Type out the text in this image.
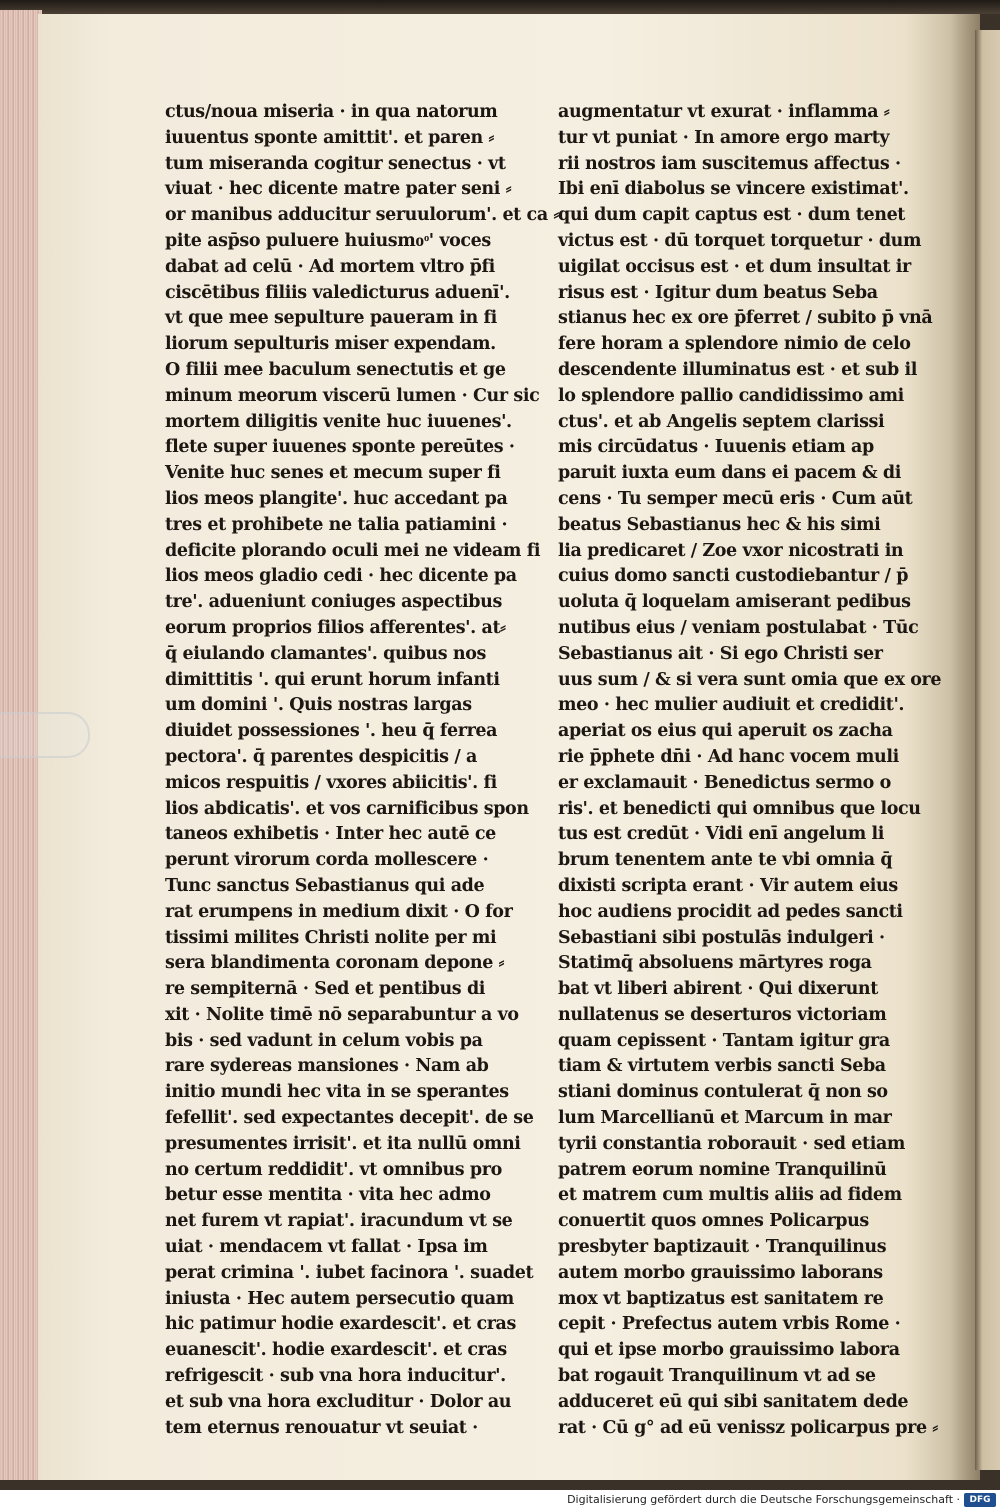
ctus/noua miseria · in qua natorum
iuuentus sponte amittit'. et paren ⸗
tum miseranda cogitur senectus · vt
viuat · hec dicente matre pater seni ⸗
or manibus adducitur seruulorum'. et ca ⸗
pite asp̄so puluere huiusmoͦ' voces
dabat ad celū · Ad mortem vltro p̄fi
ciscētibus filiis valedicturus aduenī'.
vt que mee sepulture paueram in fi
liorum sepulturis mi̇ser expendam.
O filii mee baculum senectutis et ge
minum meorum viscerū lumen · Cur sic
mortem diligitis venite huc iuuenes'.
flete super iuuenes sponte pereūtes ·
Venite huc senes et mecum super fi
lios meos plangite'. huc accedant pa
tres et prohibete ne talia patiamini ·
deficite plorando oculi mei ne videam fi
lios meos gladio cedi · hec dicente pa
tre'. adueniunt coniuges aspectibus
eorum proprios filios afferentes'. at⸗
q̄ eiulando clamantes'. quibus nos
dimittitis '. qui erunt horum infanti
um domini '. Quis nostras largas
diuidet possessiones '. heu q̄ ferrea
pectora'. q̄ parentes despicitis / a
micos respuitis / vxores abiicitis'. fi
lios abdicatis'. et vos carnificibus spon
taneos exhibetis · Inter hec autē ce
perunt virorum corda mollescere ·
Tunc sanctus Sebastianus qui ade
rat erumpens in medium dixit · O for
tissimi milites Christi nolite per mi
sera blandimenta coronam depone ⸗
re sempiternā · Sed et pentibus di
xit · Nolite timē nō separabuntur a vo
bis · sed vadunt in celum vobis pa
rare sydereas mansiones · Nam ab
initio mundi hec vita in se sperantes
fefellit'. sed expectantes decepit'. de se
presumentes irrisit'. et ita nullū omni
no certum reddidit'. vt omnibus pro
betur esse mentita · vita hec admo
net furem vt rapiat'. iracundum vt se
uiat · mendacem vt fallat · Ipsa im
perat crimina '. iubet facinora '. suadet
iniusta · Hec autem persecutio quam
hic patimur hodie exardescit'. et cras
euanescit'. hodie exardescit'. et cras
refrigescit · sub vna hora inducitur'.
et sub vna hora excluditur · Dolor au
tem eternus renouatur vt seuiat ·
augmentatur vt exurat · inflamma ⸗
tur vt puniat · In amore ergo marty
rii nostros iam suscitemus affectus ·
Ibi enī diabolus se vincere existimat'.
qui dum capit captus est · dum tenet
victus est · dū torquet torquetur · dum
uigilat occisus est · et dum insultat ir
risus est · Igitur dum beatus Seba
stianus hec ex ore p̄ferret / subito p̄ vnā
fere horam a splendore nimio de celo
descendente illuminatus est · et sub il
lo splendore pallio candidissimo ami
ctus'. et ab Angelis septem clarissi
mis circūdatus · Iuuenis etiam ap
paruit iuxta eum dans ei pacem & di
cens · Tu semper mecū eris · Cum aūt
beatus Sebastianus hec & his simi
lia predicaret / Zoe vxor nicostrati in
cuius domo sancti custodiebantur / p̄
uoluta q̄ loquelam amiserant pedibus
nutibus eius / veniam postulabat · Tūc
Sebastianus ait · Si ego Christi ser
uus sum / & si vera sunt omia que ex ore
meo · hec mulier audiuit et credidit'.
aperiat os eius qui aperuit os zacha
rie p̄phete dn̄i · Ad hanc vocem muli
er exclamauit · Benedictus sermo o
ris'. et benedicti qui omnibus que locu
tus est credūt · Vidi enī angelum li
brum tenentem ante te vbi omnia q̄
dixisti scripta erant · Vir autem eius
hoc audiens procidit ad pedes sancti
Sebastiani sibi postulās indulgeri ·
Statimq̄ absoluens mārtyres roga
bat vt liberi abirent · Qui dixerunt
nullatenus se deserturos victoriam
quam cepissent · Tantam igitur gra
tiam & virtutem verbis sancti Seba
stiani dominus contulerat q̄ non so
lum Marcellianū et Marcum in mar
tyrii constantia roborauit · sed etiam
patrem eorum nomine Tranquilinū
et matrem cum multis aliis ad fidem
conuertit quos omnes Policarpus
presbyter baptizauit · Tranquilinus
autem morbo grauissimo laborans
mox vt baptizatus est sanitatem re
cepit · Prefectus autem vrbis Rome ·
qui et ipse morbo grauissimo labora
bat rogauit Tranquilinum vt ad se
adduceret eū qui sibi sanitatem dede
rat · Cū g° ad eū venissz policarpus pre ⸗
Digitalisierung gefördert durch die Deutsche Forschungsgemeinschaft ·	DFG
